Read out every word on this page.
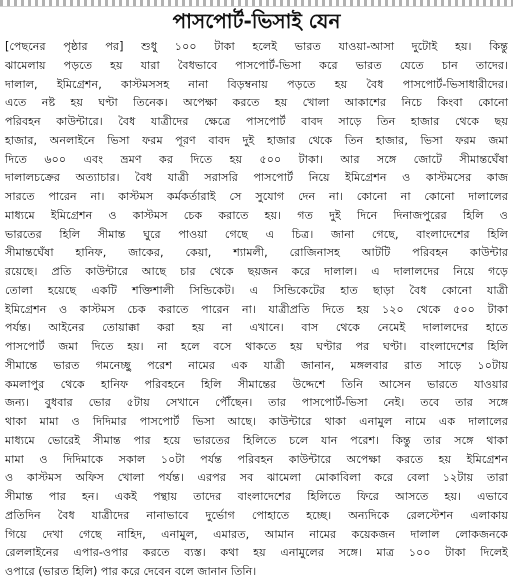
পাসপোর্ট-ভিসাই যেন
[পেছনের পৃষ্ঠার পর] শুধু ১০০ টাকা হলেই ভারত যাওয়া-আসা দুটোই হয়। কিন্তু
ঝামেলায় পড়তে হয় যারা বৈধভাবে পাসপোর্ট-ভিসা করে ভারত যেতে চান তাদের।
দালাল, ইমিগ্রেশন, কাস্টমসসহ নানা বিড়ম্বনায় পড়তে হয় বৈধ পাসপোর্ট-ভিসাধারীদের।
এতে নষ্ট হয় ঘণ্টা তিনেক। অপেক্ষা করতে হয় খোলা আকাশের নিচে কিংবা কোনো
পরিবহন কাউন্টারে। বৈধ যাত্রীদের ক্ষেত্রে পাসপোর্ট বাবদ সাড়ে তিন হাজার থেকে ছয়
হাজার, অনলাইনে ভিসা ফরম পূরণ বাবদ দুই হাজার থেকে তিন হাজার, ভিসা ফরম জমা
দিতে ৬০০ এবং ভ্রমণ কর দিতে হয় ৫০০ টাকা। আর সঙ্গে জোটে সীমান্তঘেঁষা
দালালচক্রের অত্যাচার। বৈধ যাত্রী সরাসরি পাসপোর্ট নিয়ে ইমিগ্রেশন ও কাস্টমসের কাজ
সারতে পারেন না। কাস্টমস কর্মকর্তারাই সে সুযোগ দেন না। কোনো না কোনো দালালের
মাধ্যমে ইমিগ্রেশন ও কাস্টমস চেক করাতে হয়। গত দুই দিনে দিনাজপুরের হিলি ও
ভারতের হিলি সীমান্ত ঘুরে পাওয়া গেছে এ চিত্র। জানা গেছে, বাংলাদেশের হিলি
সীমান্তঘেঁষা হানিফ, জাকের, কেয়া, শ্যামলী, রোজিনাসহ আটটি পরিবহন কাউন্টার
রয়েছে। প্রতি কাউন্টারে আছে চার থেকে ছয়জন করে দালাল। এ দালালদের নিয়ে গড়ে
তোলা হয়েছে একটি শক্তিশালী সিন্ডিকেট। এ সিন্ডিকেটের হাত ছাড়া বৈধ কোনো যাত্রী
ইমিগ্রেশন ও কাস্টমস চেক করাতে পারেন না। যাত্রীপ্রতি দিতে হয় ১২০ থেকে ৫০০ টাকা
পর্যন্ত। আইনের তোয়াক্কা করা হয় না এখানে। বাস থেকে নেমেই দালালদের হাতে
পাসপোর্ট জমা দিতে হয়। না হলে বসে থাকতে হয় ঘণ্টার পর ঘণ্টা। বাংলাদেশের হিলি
সীমান্তে ভারত গমনেচ্ছু পরেশ নামের এক যাত্রী জানান, মঙ্গলবার রাত সাড়ে ১০টায়
কমলাপুর থেকে হানিফ পরিবহনে হিলি সীমান্তের উদ্দেশে তিনি আসেন ভারতে যাওয়ার
জন্য। বুধবার ভোর ৫টায় সেখানে পৌঁছেন। তার পাসপোর্ট-ভিসা নেই। তবে তার সঙ্গে
থাকা মামা ও দিদিমার পাসপোর্ট ভিসা আছে। কাউন্টারে থাকা এনামুল নামে এক দালালের
মাধ্যমে ভোরেই সীমান্ত পার হয়ে ভারতের হিলিতে চলে যান পরেশ। কিন্তু তার সঙ্গে থাকা
মামা ও দিদিমাকে সকাল ১০টা পর্যন্ত পরিবহন কাউন্টারে অপেক্ষা করতে হয় ইমিগ্রেশন
ও কাস্টমস অফিস খোলা পর্যন্ত। এরপর সব ঝামেলা মোকাবিলা করে বেলা ১২টায় তারা
সীমান্ত পার হন। একই পন্থায় তাদের বাংলাদেশের হিলিতে ফিরে আসতে হয়। এভাবে
প্রতিদিন বৈধ যাত্রীদের নানাভাবে দুর্ভোগ পোহাতে হচ্ছে। অন্যদিকে রেলস্টেশন এলাকায়
গিয়ে দেখা গেছে নাহিদ, এনামুল, এমারত, আমান নামের কয়েকজন দালাল লোকজনকে
রেললাইনের এপার-ওপার করতে ব্যস্ত। কথা হয় এনামুলের সঙ্গে। মাত্র ১০০ টাকা দিলেই
ওপারে (ভারত হিলি) পার করে দেবেন বলে জানান তিনি।
